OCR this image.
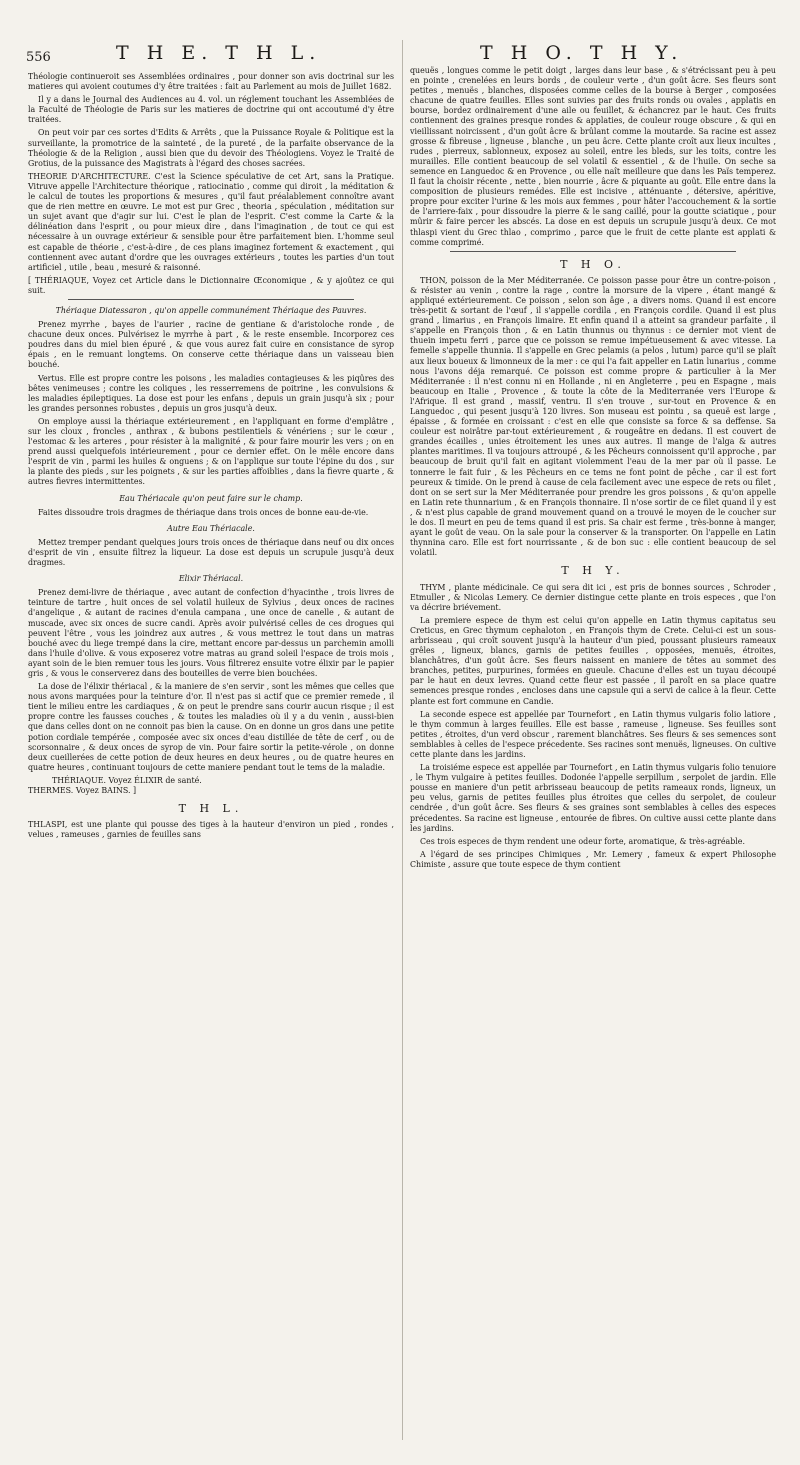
556	T H E. T H L.	T H O. T H Y.

Théologie continueroit ses Assemblées ordinaires , pour donner son avis doctrinal sur les matieres qui avoient coutumes d'y être traitées : fait au Parlement au mois de Juillet 1682.

Il y a dans le Journal des Audiences au 4. vol. un réglement touchant les Assemblées de la Faculté de Théologie de Paris sur les matieres de doctrine qui ont accoutumé d'y être traitées.

On peut voir par ces sortes d'Edits & Arrêts , que la Puissance Royale & Politique est la surveillante, la promotrice de la sainteté , de la pureté , de la parfaite observance de la Théologie & de la Religion , aussi bien que du devoir des Théologiens. Voyez le Traité de Grotius, de la puissance des Magistrats à l'égard des choses sacrées.

THEORIE D'ARCHITECTURE. C'est la Science spéculative de cet Art, sans la Pratique. Vitruve appelle l'Architecture théorique , ratiocinatio , comme qui diroit , la méditation & le calcul de toutes les proportions & mesures , qu'il faut préalablement connoître avant que de rien mettre en œuvre. Le mot est pur Grec , theoria , spéculation , méditation sur un sujet avant que d'agir sur lui. C'est le plan de l'esprit. C'est comme la Carte & la délinéation dans l'esprit , ou pour mieux dire , dans l'imagination , de tout ce qui est nécessaire à un ouvrage extérieur & sensible pour être parfaitement bien. L'homme seul est capable de théorie , c'est-à-dire , de ces plans imaginez fortement & exactement , qui contiennent avec autant d'ordre que les ouvrages extérieurs , toutes les parties d'un tout artificiel , utile , beau , mesuré & raisonné.

[ THÉRIAQUE, Voyez cet Article dans le Dictionnaire Œconomique , & y ajoûtez ce qui suit.

Thériaque Diatessaron , qu'on appelle communément Thériaque des Pauvres.

Prenez myrrhe , bayes de l'aurier , racine de gentiane & d'aristoloche ronde , de chacune deux onces. Pulvérisez le myrrhe à part , & le reste ensemble. Incorporez ces poudres dans du miel bien épuré , & que vous aurez fait cuire en consistance de syrop épais , en le remuant longtems. On conserve cette thériaque dans un vaisseau bien bouché.

Vertus. Elle est propre contre les poisons , les maladies contagieuses & les piqûres des bêtes venimeuses ; contre les coliques , les resserremens de poitrine , les convulsions & les maladies épileptiques. La dose est pour les enfans , depuis un grain jusqu'à six ; pour les grandes personnes robustes , depuis un gros jusqu'à deux.

On employe aussi la thériaque extérieurement , en l'appliquant en forme d'emplâtre , sur les cloux , froncles , anthrax , & bubons pestilentiels & vénériens ; sur le cœur , l'estomac & les arteres , pour résister à la malignité , & pour faire mourir les vers ; on en prend aussi quelquefois intérieurement , pour ce dernier effet. On le mêle encore dans l'esprit de vin , parmi les huiles & onguens ; & on l'applique sur toute l'épine du dos , sur la plante des pieds , sur les poignets , & sur les parties affoiblies , dans la fievre quarte , & autres fievres intermittentes.

Eau Thériacale qu'on peut faire sur le champ.

Faites dissoudre trois dragmes de thériaque dans trois onces de bonne eau-de-vie.

Autre Eau Thériacale.

Mettez tremper pendant quelques jours trois onces de thériaque dans neuf ou dix onces d'esprit de vin , ensuite filtrez la liqueur. La dose est depuis un scrupule jusqu'à deux dragmes.

Elixir Thériacal.

Prenez demi-livre de thériaque , avec autant de confection d'hyacinthe , trois livres de teinture de tartre , huit onces de sel volatil huileux de Sylvius , deux onces de racines d'angelique , & autant de racines d'enula campana , une once de canelle , & autant de muscade, avec six onces de sucre candi. Après avoir pulvérisé celles de ces drogues qui peuvent l'être , vous les joindrez aux autres , & vous mettrez le tout dans un matras bouché avec du liege trempé dans la cire, mettant encore par-dessus un parchemin amolli dans l'huile d'olive. & vous exposerez votre matras au grand soleil l'espace de trois mois , ayant soin de le bien remuer tous les jours. Vous filtrerez ensuite votre élixir par le papier gris , & vous le conserverez dans des bouteilles de verre bien bouchées.

La dose de l'élixir thériacal , & la maniere de s'en servir , sont les mêmes que celles que nous avons marquées pour la teinture d'or. Il n'est pas si actif que ce premier remede , il tient le milieu entre les cardiaques , & on peut le prendre sans courir aucun risque ; il est propre contre les fausses couches , & toutes les maladies où il y a du venin , aussi-bien que dans celles dont on ne connoit pas bien la cause. On en donne un gros dans une petite potion cordiale tempérée , composée avec six onces d'eau distillée de tête de cerf , ou de scorsonnaire , & deux onces de syrop de vin. Pour faire sortir la petite-vérole , on donne deux cueillerées de cette potion de deux heures en deux heures , ou de quatre heures en quatre heures , continuant toujours de cette maniere pendant tout le tems de la maladie.

THÉRIAQUE. Voyez ÉLIXIR de santé.

THERMES. Voyez BAINS. ]

T H L.

THLASPI, est une plante qui pousse des tiges à la hauteur d'environ un pied , rondes , velues , rameuses , garnies de feuilles sans

queuës , longues comme le petit doigt , larges dans leur base , & s'étrécissant peu à peu en pointe , crenelées en leurs bords , de couleur verte , d'un goût âcre. Ses fleurs sont petites , menuës , blanches, disposées comme celles de la bourse à Berger , composées chacune de quatre feuilles. Elles sont suivies par des fruits ronds ou ovales , applatis en bourse, bordez ordinairement d'une aile ou feuillet, & échancrez par le haut. Ces fruits contiennent des graines presque rondes & applaties, de couleur rouge obscure , & qui en vieillissant noircissent , d'un goût âcre & brûlant comme la moutarde. Sa racine est assez grosse & fibreuse , ligneuse , blanche , un peu âcre. Cette plante croît aux lieux incultes , rudes , pierreux, sablonneux, exposez au soleil, entre les bleds, sur les toits, contre les murailles. Elle contient beaucoup de sel volatil & essentiel , & de l'huile. On seche sa semence en Languedoc & en Provence , ou elle naît meilleure que dans les Païs temperez. Il faut la choisir récente , nette , bien nourrie , âcre & piquante au goût. Elle entre dans la composition de plusieurs remédes. Elle est incisive , atténuante , détersive, apéritive, propre pour exciter l'urine & les mois aux femmes , pour hâter l'accouchement & la sortie de l'arriere-faix , pour dissoudre la pierre & le sang caillé, pour la goutte sciatique , pour mûrir & faire percer les abscés. La dose en est depuis un scrupule jusqu'à deux. Ce mot thlaspi vient du Grec thlao , comprimo , parce que le fruit de cette plante est applati & comme comprimé.

T H O.

THON, poisson de la Mer Méditerranée. Ce poisson passe pour être un contre-poison , & résister au venin , contre la rage , contre la morsure de la vipere , étant mangé & appliqué extérieurement. Ce poisson , selon son âge , a divers noms. Quand il est encore très-petit & sortant de l'œuf , il s'appelle cordila , en François cordile. Quand il est plus grand , limarius , en François limaire. Et enfin quand il a atteint sa grandeur parfaite , il s'appelle en François thon , & en Latin thunnus ou thynnus : ce dernier mot vient de thuein impetu ferri , parce que ce poisson se remue impétueusement & avec vitesse. La femelle s'appelle thunnia. Il s'appelle en Grec pelamis (a pelos , lutum) parce qu'il se plaît aux lieux boueux & limonneux de la mer : ce qui l'a fait appeller en Latin lunarius , comme nous l'avons déja remarqué. Ce poisson est comme propre & particulier à la Mer Méditerranée : il n'est connu ni en Hollande , ni en Angleterre , peu en Espagne , mais beaucoup en Italie , Provence , & toute la côte de la Mediterranée vers l'Europe & l'Afrique. Il est grand , massif, ventru. Il s'en trouve , sur-tout en Provence & en Languedoc , qui pesent jusqu'à 120 livres. Son museau est pointu , sa queuë est large , épaisse , & formée en croissant : c'est en elle que consiste sa force & sa deffense. Sa couleur est noirâtre par-tout extérieurement , & rougeâtre en dedans. Il est couvert de grandes écailles , unies étroitement les unes aux autres. Il mange de l'alga & autres plantes maritimes. Il va toujours attroupé , & les Pêcheurs connoissent qu'il approche , par beaucoup de bruit qu'il fait en agitant violemment l'eau de la mer par où il passe. Le tonnerre le fait fuir , & les Pêcheurs en ce tems ne font point de pêche , car il est fort peureux & timide. On le prend à cause de cela facilement avec une espece de rets ou filet , dont on se sert sur la Mer Méditerranée pour prendre les gros poissons , & qu'on appelle en Latin rete thunnarium , & en François thonnaire. Il n'ose sortir de ce filet quand il y est , & n'est plus capable de grand mouvement quand on a trouvé le moyen de le coucher sur le dos. Il meurt en peu de tems quand il est pris. Sa chair est ferme , très-bonne à manger, ayant le goût de veau. On la sale pour la conserver & la transporter. On l'appelle en Latin thynnina caro. Elle est fort nourrissante , & de bon suc : elle contient beaucoup de sel volatil.

T H Y.

THYM , plante médicinale. Ce qui sera dit ici , est pris de bonnes sources , Schroder , Etmuller , & Nicolas Lemery. Ce dernier distingue cette plante en trois especes , que l'on va décrire briévement.

La premiere espece de thym est celui qu'on appelle en Latin thymus capitatus seu Creticus, en Grec thymum cephaloton , en François thym de Crete. Celui-ci est un sous-arbrisseau , qui croît souvent jusqu'à la hauteur d'un pied, poussant plusieurs rameaux grêles , ligneux, blancs, garnis de petites feuilles , opposées, menuës, étroites, blanchâtres, d'un goût âcre. Ses fleurs naissent en maniere de têtes au sommet des branches, petites, purpurines, formées en gueule. Chacune d'elles est un tuyau découpé par le haut en deux levres. Quand cette fleur est passée , il paroît en sa place quatre semences presque rondes , encloses dans une capsule qui a servi de calice à la fleur. Cette plante est fort commune en Candie.

La seconde espece est appellée par Tournefort , en Latin thymus vulgaris folio latiore , le thym commun à larges feuilles. Elle est basse , rameuse , ligneuse. Ses feuilles sont petites , étroites, d'un verd obscur , rarement blanchâtres. Ses fleurs & ses semences sont semblables à celles de l'espece précedente. Ses racines sont menuës, ligneuses. On cultive cette plante dans les jardins.

La troisiéme espece est appellée par Tournefort , en Latin thymus vulgaris folio tenuiore , le Thym vulgaire à petites feuilles. Dodonée l'appelle serpillum , serpolet de jardin. Elle pousse en maniere d'un petit arbrisseau beaucoup de petits rameaux ronds, ligneux, un peu velus, garnis de petites feuilles plus étroites que celles du serpolet, de couleur cendrée , d'un goût âcre. Ses fleurs & ses graines sont semblables à celles des especes précedentes. Sa racine est ligneuse , entourée de fibres. On cultive aussi cette plante dans les jardins.

Ces trois especes de thym rendent une odeur forte, aromatique, & très-agréable.

A l'égard de ses principes Chimiques , Mr. Lemery , fameux & expert Philosophe Chimiste , assure que toute espece de thym contient
